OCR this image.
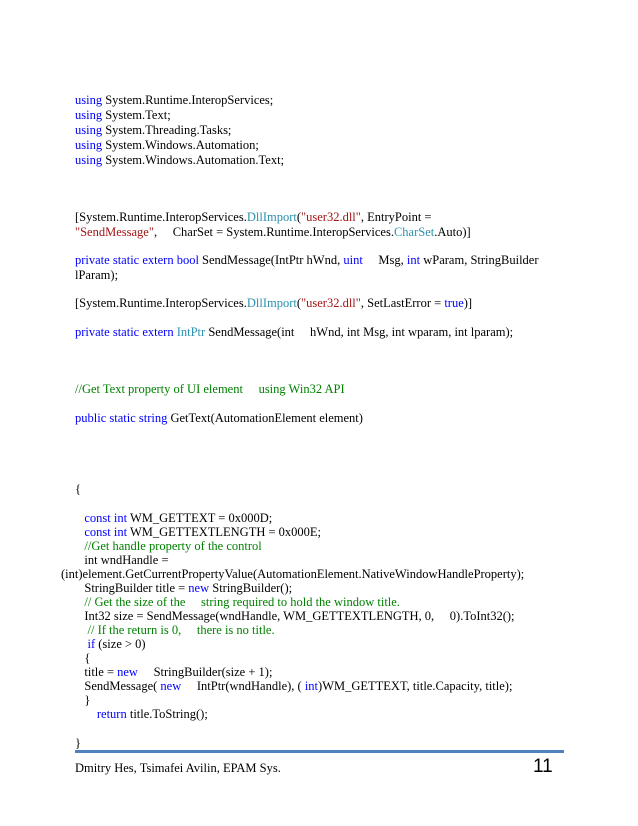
using System.Runtime.InteropServices;
using System.Text;
using System.Threading.Tasks;
using System.Windows.Automation;
using System.Windows.Automation.Text;
[System.Runtime.InteropServices.DllImport("user32.dll", EntryPoint =
"SendMessage",     CharSet = System.Runtime.InteropServices.CharSet.Auto)]
private static extern bool SendMessage(IntPtr hWnd, uint     Msg, int wParam, StringBuilder
lParam);
[System.Runtime.InteropServices.DllImport("user32.dll", SetLastError = true)]
private static extern IntPtr SendMessage(int     hWnd, int Msg, int wparam, int lparam);
//Get Text property of UI element     using Win32 API
public static string GetText(AutomationElement element)
{
const int WM_GETTEXT = 0x000D;
const int WM_GETTEXTLENGTH = 0x000E;
//Get handle property of the control
int wndHandle =
(int)element.GetCurrentPropertyValue(AutomationElement.NativeWindowHandleProperty);
StringBuilder title = new StringBuilder();
// Get the size of the     string required to hold the window title.
Int32 size = SendMessage(wndHandle, WM_GETTEXTLENGTH, 0,     0).ToInt32();
// If the return is 0,     there is no title.
if (size > 0)
{
title = new     StringBuilder(size + 1);
SendMessage( new     IntPtr(wndHandle), ( int)WM_GETTEXT, title.Capacity, title);
}
return title.ToString();
}
Dmitry Hes, Tsimafei Avilin, EPAM Sys.	11
